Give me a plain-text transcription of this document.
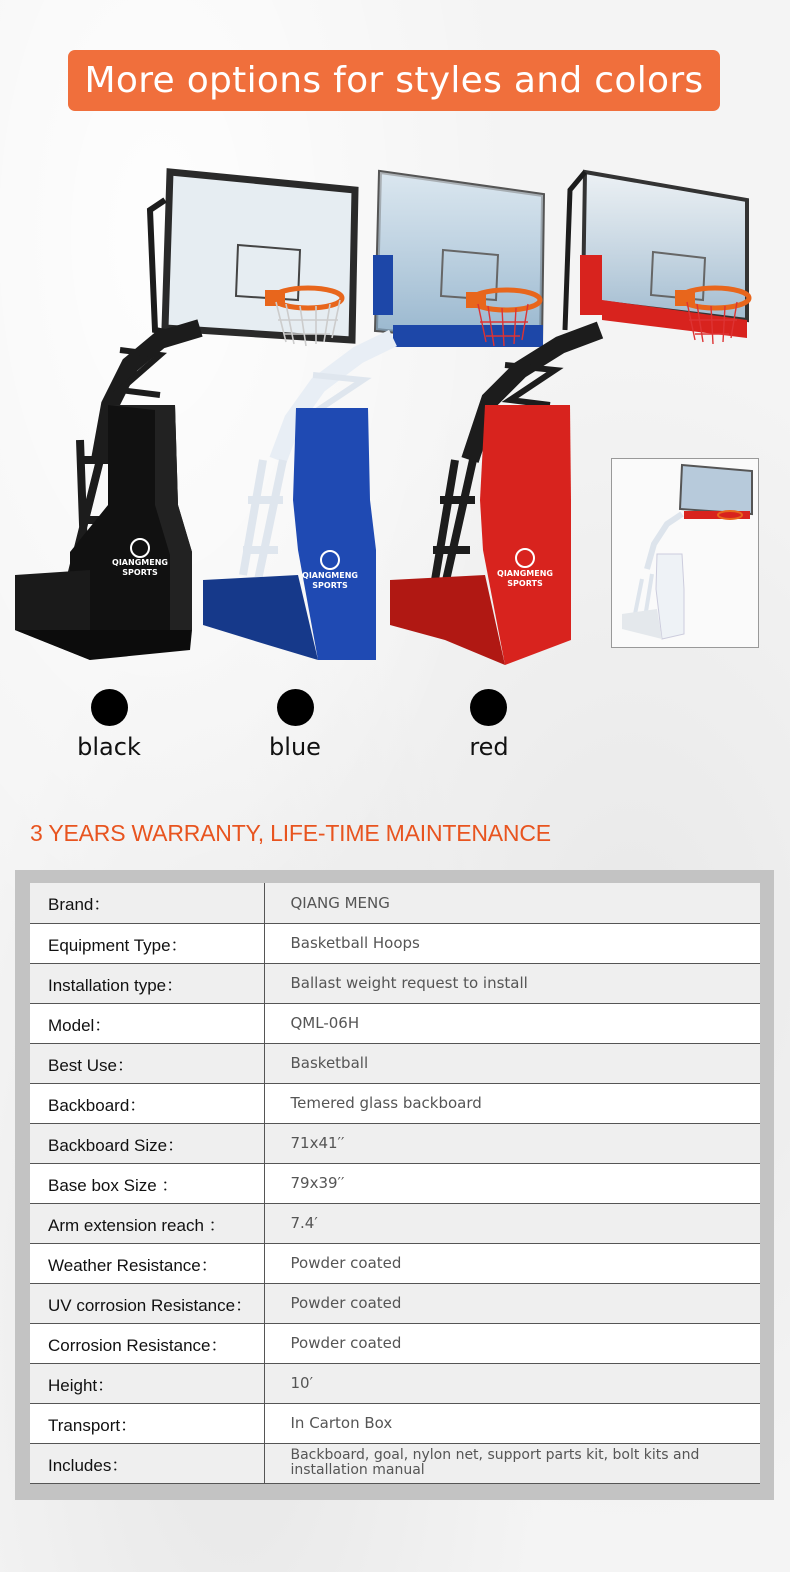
More options for styles and colors
QIANGMENG
SPORTS	QIANGMENG
SPORTS
QIANGMENG
SPORTS
black	blue	red
3 YEARS WARRANTY, LIFE-TIME MAINTENANCE
Brand：	QIANG MENG
Equipment Type：	Basketball Hoops
Installation type：	Ballast weight request to install
Model：	QML-06H
Best Use：	Basketball
Backboard：	Temered glass backboard
Backboard Size：	71x41′′
Base box Size ：	79x39′′
Arm extension reach ：	7.4′
Weather Resistance：	Powder coated
UV corrosion Resistance：	Powder coated
Corrosion Resistance：	Powder coated
Height：	10′
Transport：	In Carton Box
Includes：	Backboard, goal, nylon net, support parts kit, bolt kits and installation manual
